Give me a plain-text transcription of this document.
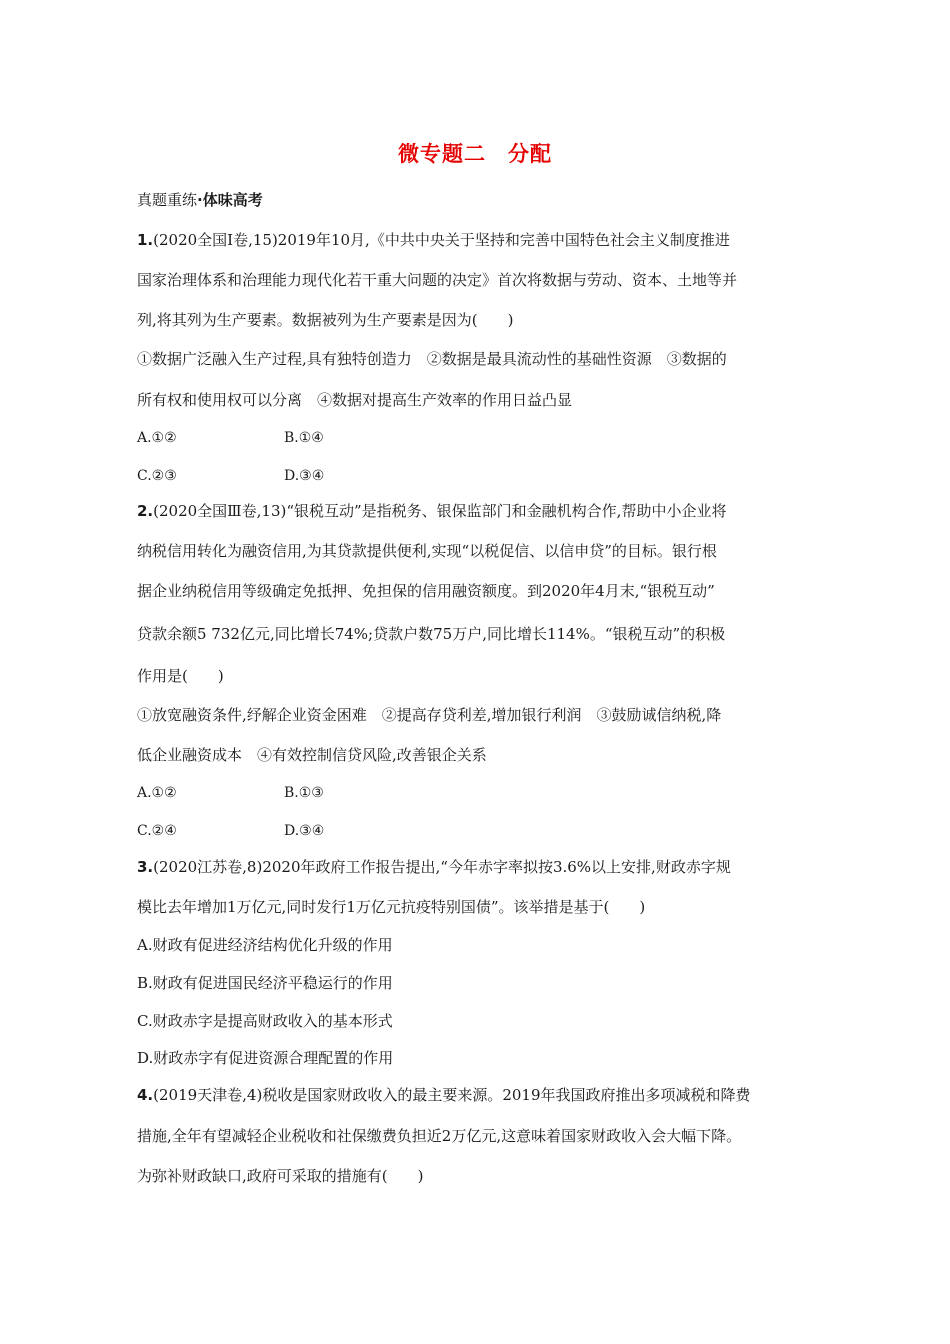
微专题二　分配
真题重练·体味高考
1.(2020全国Ⅰ卷,15)2019年10月,《中共中央关于坚持和完善中国特色社会主义制度推进
国家治理体系和治理能力现代化若干重大问题的决定》首次将数据与劳动、资本、土地等并
列,将其列为生产要素。数据被列为生产要素是因为(　　)
①数据广泛融入生产过程,具有独特创造力　②数据是最具流动性的基础性资源　③数据的
所有权和使用权可以分离　④数据对提高生产效率的作用日益凸显
A.①②	B.①④
C.②③	D.③④
2.(2020全国Ⅲ卷,13)“银税互动”是指税务、银保监部门和金融机构合作,帮助中小企业将
纳税信用转化为融资信用,为其贷款提供便利,实现“以税促信、以信申贷”的目标。银行根
据企业纳税信用等级确定免抵押、免担保的信用融资额度。到2020年4月末,“银税互动”
贷款余额5 732亿元,同比增长74%;贷款户数75万户,同比增长114%。“银税互动”的积极
作用是(　　)
①放宽融资条件,纾解企业资金困难　②提高存贷利差,增加银行利润　③鼓励诚信纳税,降
低企业融资成本　④有效控制信贷风险,改善银企关系
A.①②	B.①③
C.②④	D.③④
3.(2020江苏卷,8)2020年政府工作报告提出,“今年赤字率拟按3.6%以上安排,财政赤字规
模比去年增加1万亿元,同时发行1万亿元抗疫特别国债”。该举措是基于(　　)
A.财政有促进经济结构优化升级的作用
B.财政有促进国民经济平稳运行的作用
C.财政赤字是提高财政收入的基本形式
D.财政赤字有促进资源合理配置的作用
4.(2019天津卷,4)税收是国家财政收入的最主要来源。2019年我国政府推出多项减税和降费
措施,全年有望减轻企业税收和社保缴费负担近2万亿元,这意味着国家财政收入会大幅下降。
为弥补财政缺口,政府可采取的措施有(　　)
